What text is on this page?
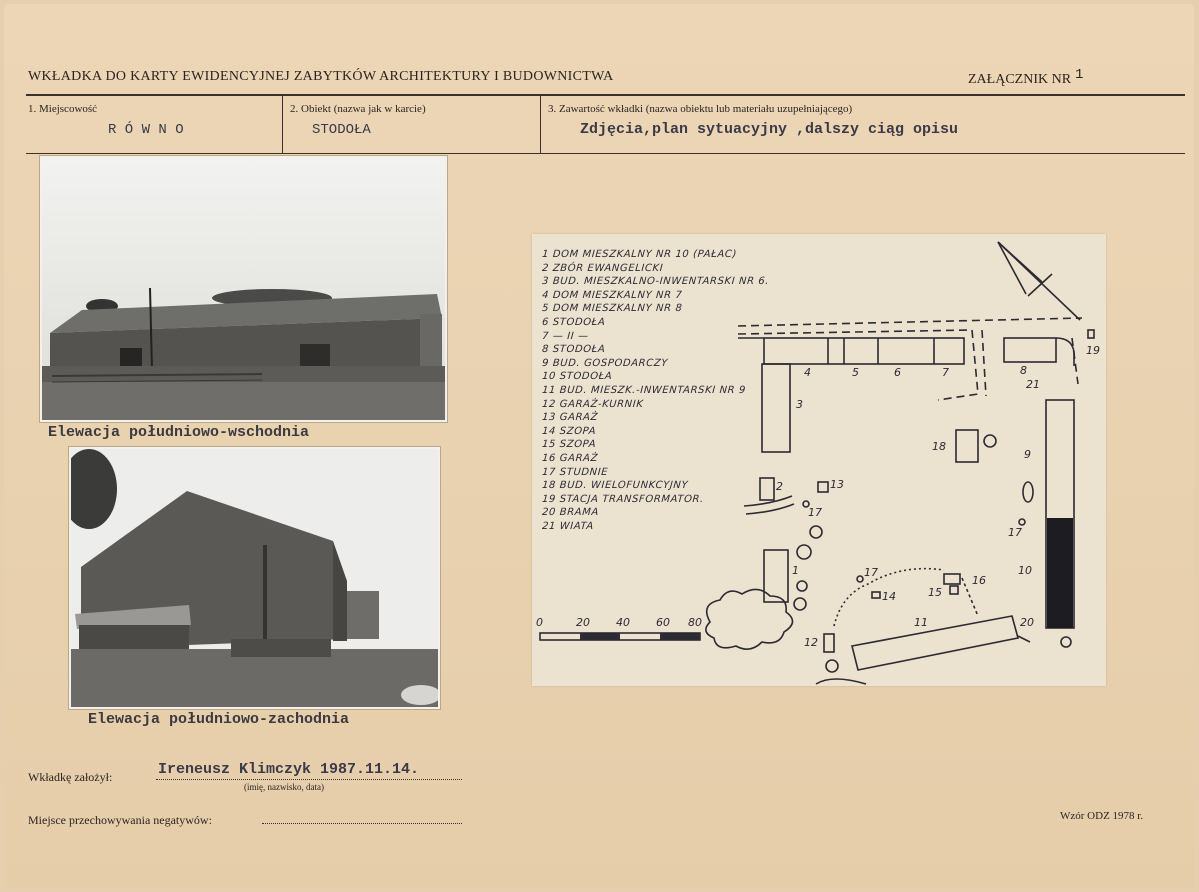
WKŁADKA DO KARTY EWIDENCYJNEJ ZABYTKÓW ARCHITEKTURY I BUDOWNICTWA	ZAŁĄCZNIK NR 1
1. Miejscowość
R Ó W N O
2. Obiekt (nazwa jak w karcie)
STODOŁA
3. Zawartość wkładki (nazwa obiektu lub materiału uzupełniającego)
Zdjęcia,plan sytuacyjny ,dalszy ciąg opisu
Elewacja południowo-wschodnia
Elewacja południowo-zachodnia
1 DOM MIESZKALNY NR 10 (PAŁAC)
2 ZBÓR EWANGELICKI
3 BUD. MIESZKALNO-INWENTARSKI NR 6.
4 DOM MIESZKALNY NR 7
5 DOM MIESZKALNY NR 8
6 STODOŁA
7 — II —
8 STODOŁA
9 BUD. GOSPODARCZY
10 STODOŁA
11 BUD. MIESZK.-INWENTARSKI NR 9
12 GARAŻ-KURNIK
13 GARAŻ
14 SZOPA
15 SZOPA
16 GARAŻ
17 STUDNIE
18 BUD. WIELOFUNKCYJNY
19 STACJA TRANSFORMATOR.
20 BRAMA
21 WIATA
0	20 40 60 80
3
4	5	6	7	8
21
19
18
9
10
2	13
17
17
17
1
14	15
16
11
12
20
Wkładkę założył:	Ireneusz Klimczyk 1987.11.14.
(imię, nazwisko, data)
Miejsce przechowywania negatywów:	Wzór ODZ 1978 r.
